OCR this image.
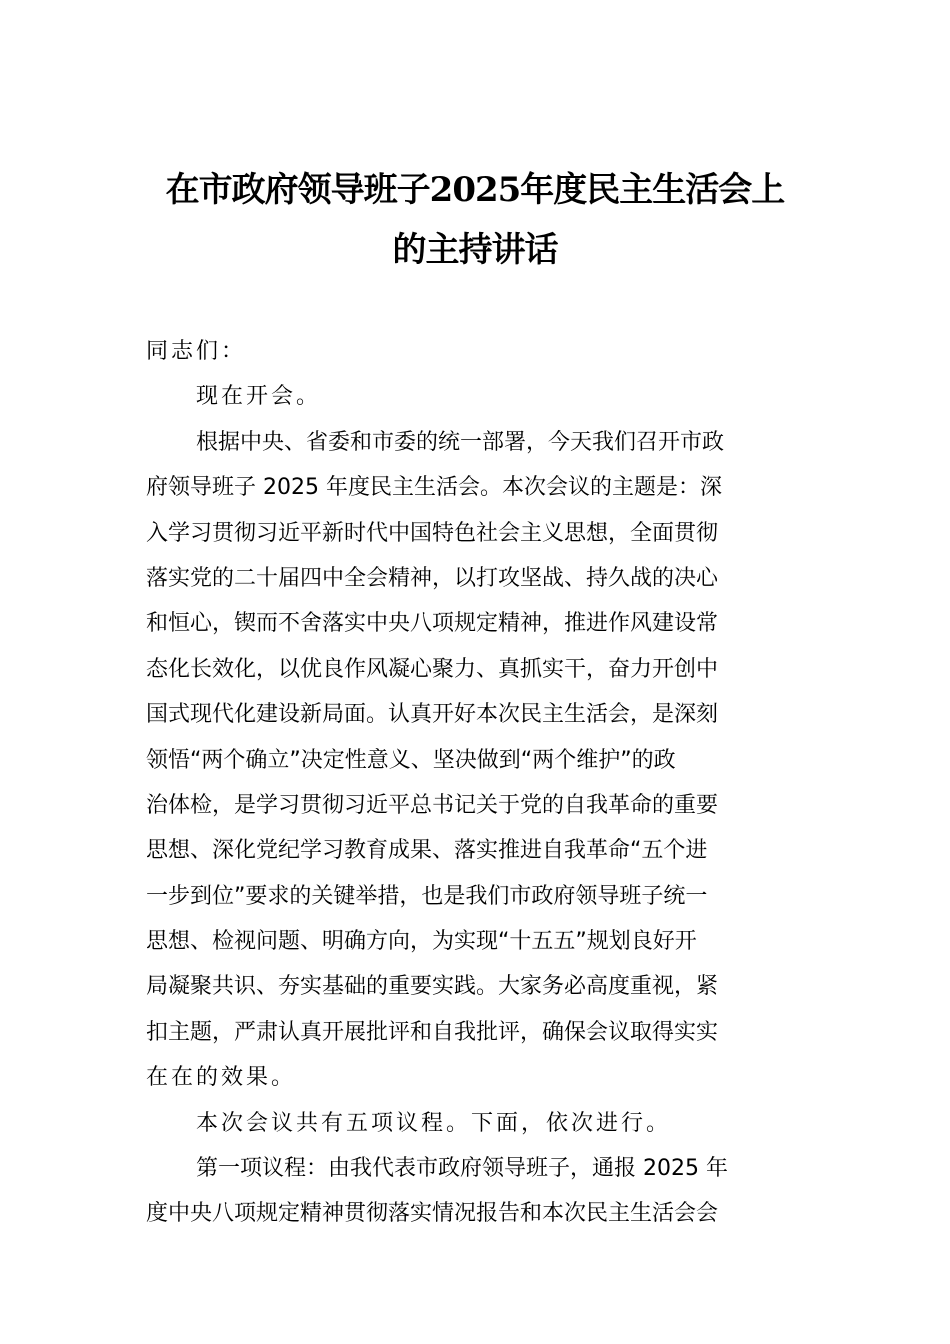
在市政府领导班子2025年度民主生活会上
的主持讲话
同志们：
现在开会。
根据中央、省委和市委的统一部署，今天我们召开市政
府领导班子 2025 年度民主生活会。本次会议的主题是：深
入学习贯彻习近平新时代中国特色社会主义思想，全面贯彻
落实党的二十届四中全会精神，以打攻坚战、持久战的决心
和恒心，锲而不舍落实中央八项规定精神，推进作风建设常
态化长效化，以优良作风凝心聚力、真抓实干，奋力开创中
国式现代化建设新局面。认真开好本次民主生活会，是深刻
领悟“两个确立”决定性意义、坚决做到“两个维护”的政
治体检，是学习贯彻习近平总书记关于党的自我革命的重要
思想、深化党纪学习教育成果、落实推进自我革命“五个进
一步到位”要求的关键举措，也是我们市政府领导班子统一
思想、检视问题、明确方向，为实现“十五五”规划良好开
局凝聚共识、夯实基础的重要实践。大家务必高度重视，紧
扣主题，严肃认真开展批评和自我批评，确保会议取得实实
在在的效果。
本次会议共有五项议程。下面，依次进行。
第一项议程：由我代表市政府领导班子，通报 2025 年
度中央八项规定精神贯彻落实情况报告和本次民主生活会会
